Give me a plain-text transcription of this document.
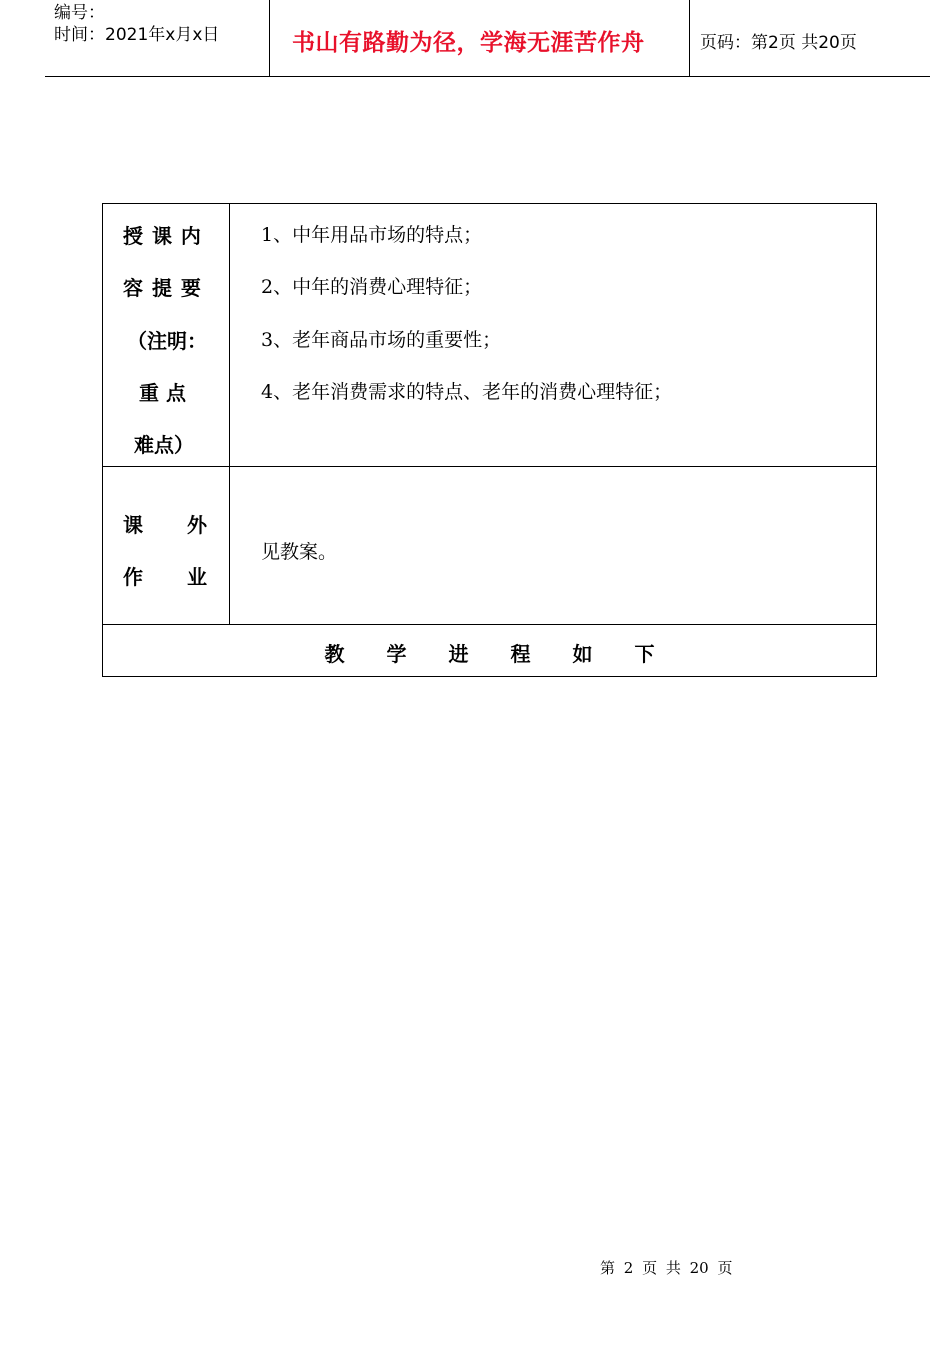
编号：
时间：2021年x月x日	书山有路勤为径，学海无涯苦作舟	页码：第2页 共20页
授 课 内
容 提 要
（注明：
重 点
难点）
1、中年用品市场的特点；
2、中年的消费心理特征；
3、老年商品市场的重要性；
4、老年消费需求的特点、老年的消费心理特征；
课 外
作 业
见教案。
教学进程如下
第 2 页 共 20 页
